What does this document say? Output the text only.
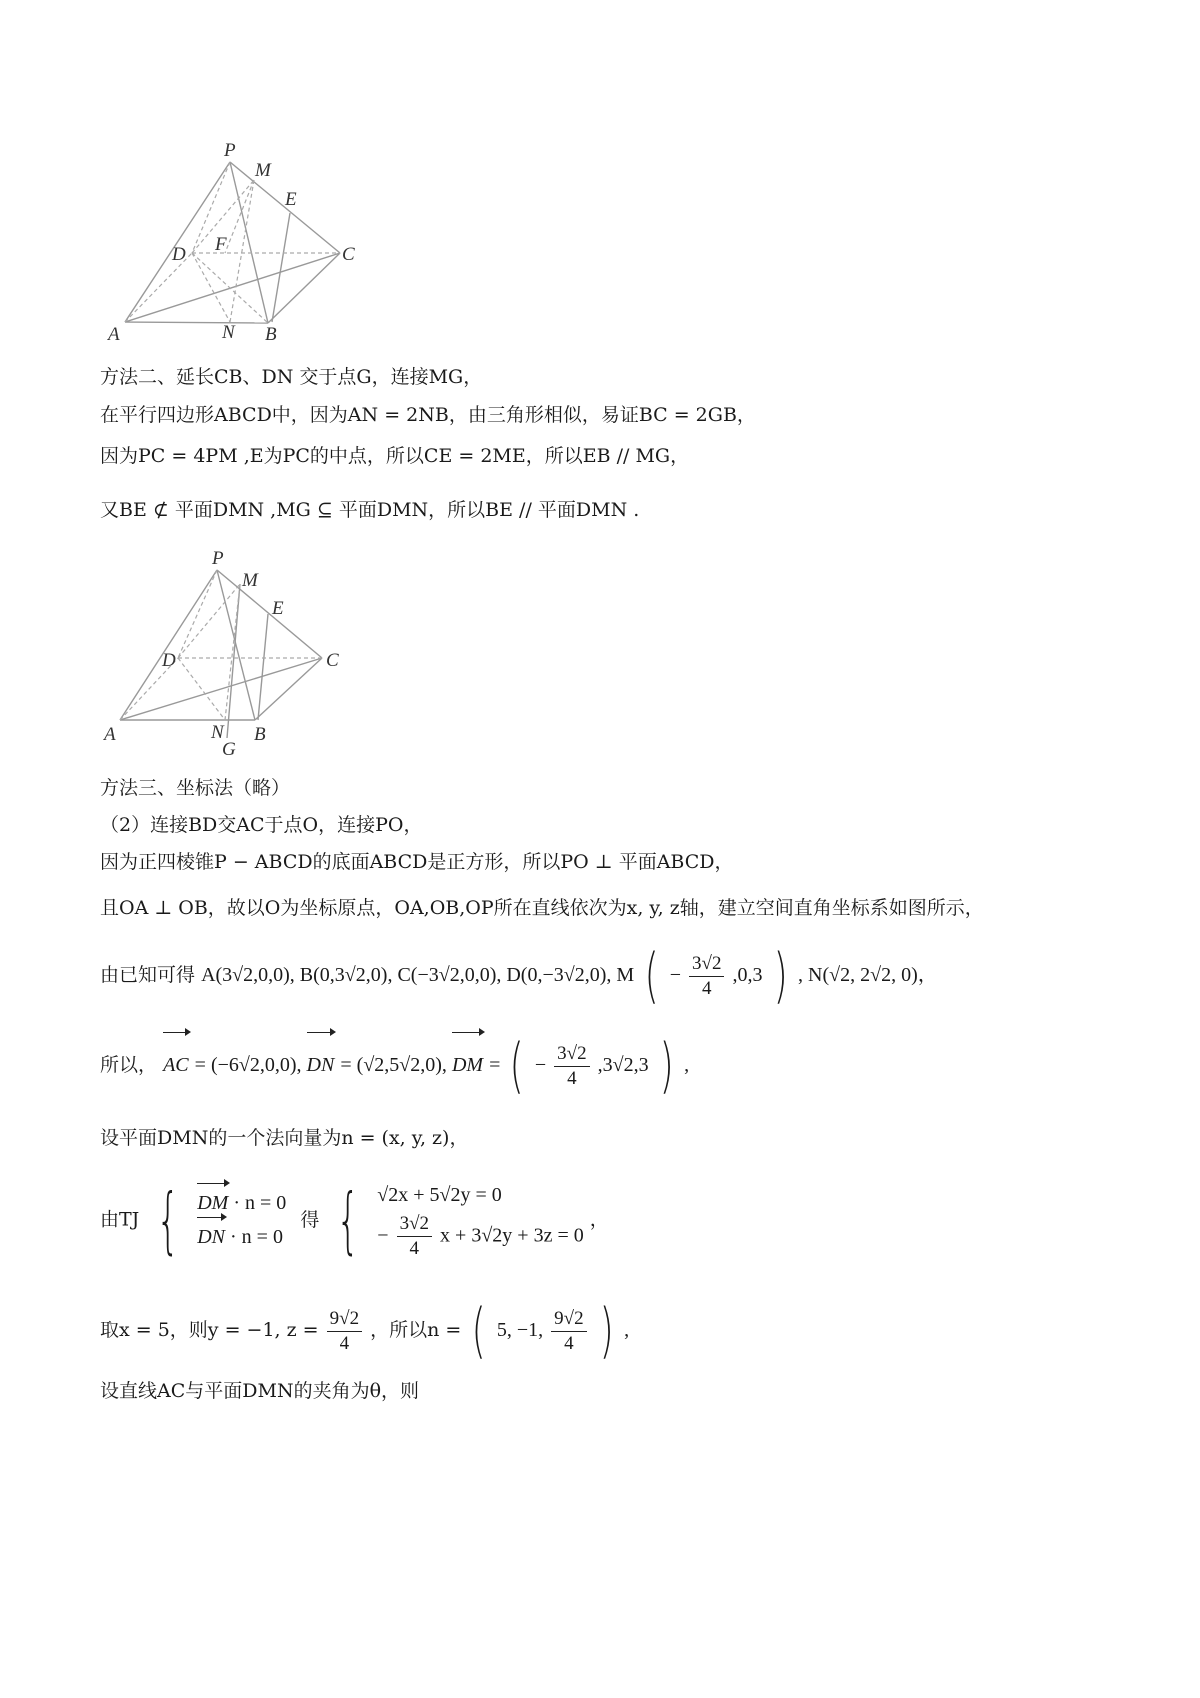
P
M
E
D F	C
A	N B
方法二、延长CB、DN 交于点G，连接MG，
在平行四边形ABCD中，因为AN = 2NB，由三角形相似，易证BC = 2GB，
因为PC = 4PM ,E为PC的中点，所以CE = 2ME，所以EB // MG，
又BE ⊄ 平面DMN ,MG ⊆ 平面DMN，所以BE // 平面DMN .
P
M
E
D	C
A	N
G
B
方法三、坐标法（略）
（2）连接BD交AC于点O，连接PO，
因为正四棱锥P − ABCD的底面ABCD是正方形，所以PO ⊥ 平面ABCD，
且OA ⊥ OB，故以O为坐标原点，OA,OB,OP所在直线依次为x, y, z轴，建立空间直角坐标系如图所示，
由已知可得 A(3√2,0,0), B(0,3√2,0), C(−3√2,0,0), D(0,−3√2,0), M ( − $\frac{3√2}{4} ,0,3$ ) , N(√2, 2√2, 0)，
所以， AC = (−6√2,0,0), DN = (√2,5√2,0), DM = ( − $\frac{3√2}{4} ,3√2,3$ ) ,
设平面DMN的一个法向量为n = (x, y, z)，
由TJ { DM · n = 0
DN · n = 0
得 { √2x + 5√2y = 0
− $\frac{3√2}{4}$ x + 3√2y + 3z = 0
，
取x = 5，则y = −1, $z = \frac{9√2}{4}$ ，所以n = ( 5, −1, $\frac{9√2}{4}$ ) ,
设直线AC与平面DMN的夹角为θ，则
